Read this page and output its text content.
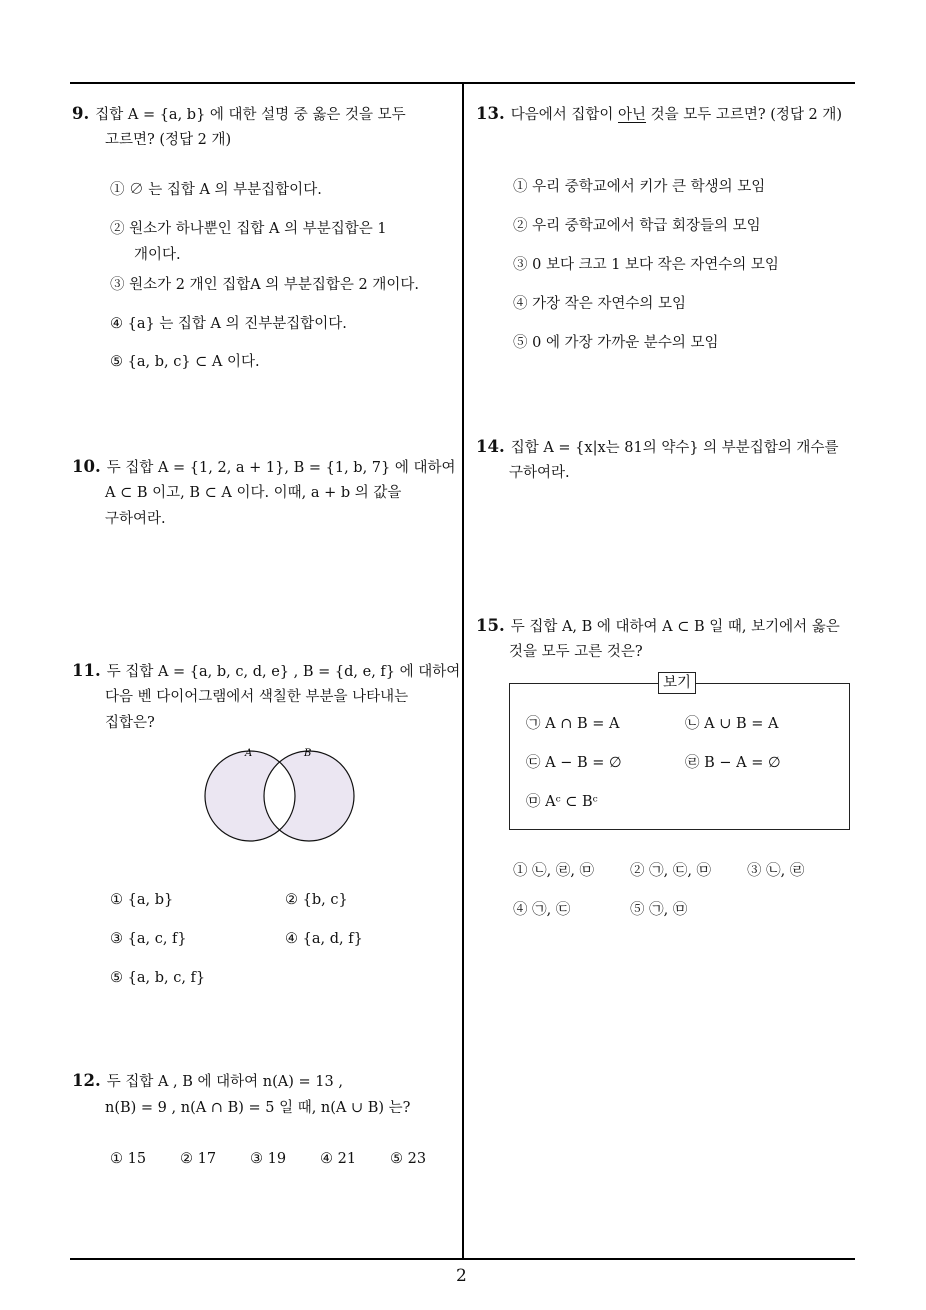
9. 집합 A = {a, b} 에 대한 설명 중 옳은 것을 모두
고르면? (정답 2 개)
① ∅ 는 집합 A 의 부분집합이다.
② 원소가 하나뿐인 집합 A 의 부분집합은 1
개이다.
③ 원소가 2 개인 집합A 의 부분집합은 2 개이다.
④ {a} 는 집합 A 의 진부분집합이다.
⑤ {a, b, c} ⊂ A 이다.
10. 두 집합 A = {1, 2, a + 1}, B = {1, b, 7} 에 대하여
A ⊂ B 이고, B ⊂ A 이다. 이때, a + b 의 값을
구하여라.
11. 두 집합 A = {a, b, c, d, e} , B = {d, e, f} 에 대하여
다음 벤 다이어그램에서 색칠한 부분을 나타내는
집합은?
A	B
① {a, b}	② {b, c}
③ {a, c, f}	④ {a, d, f}
⑤ {a, b, c, f}
12. 두 집합 A , B 에 대하여 n(A) = 13 ,
n(B) = 9 , n(A ∩ B) = 5 일 때, n(A ∪ B) 는?
① 15 ② 17 ③ 19 ④ 21 ⑤ 23
13. 다음에서 집합이 아닌 것을 모두 고르면? (정답 2 개)
① 우리 중학교에서 키가 큰 학생의 모임
② 우리 중학교에서 학급 회장들의 모임
③ 0 보다 크고 1 보다 작은 자연수의 모임
④ 가장 작은 자연수의 모임
⑤ 0 에 가장 가까운 분수의 모임
14. 집합 A = {x|x는 81의 약수} 의 부분집합의 개수를
구하여라.
15. 두 집합 A, B 에 대하여 A ⊂ B 일 때, 보기에서 옳은
것을 모두 고른 것은?
보기
㉠ A ∩ B = A	㉡ A ∪ B = A
㉢ A − B = ∅	㉣ B − A = ∅
㉤ Aᶜ ⊂ Bᶜ
① ㉡, ㉣, ㉤ ② ㉠, ㉢, ㉤ ③ ㉡, ㉣
④ ㉠, ㉢	⑤ ㉠, ㉤
2
